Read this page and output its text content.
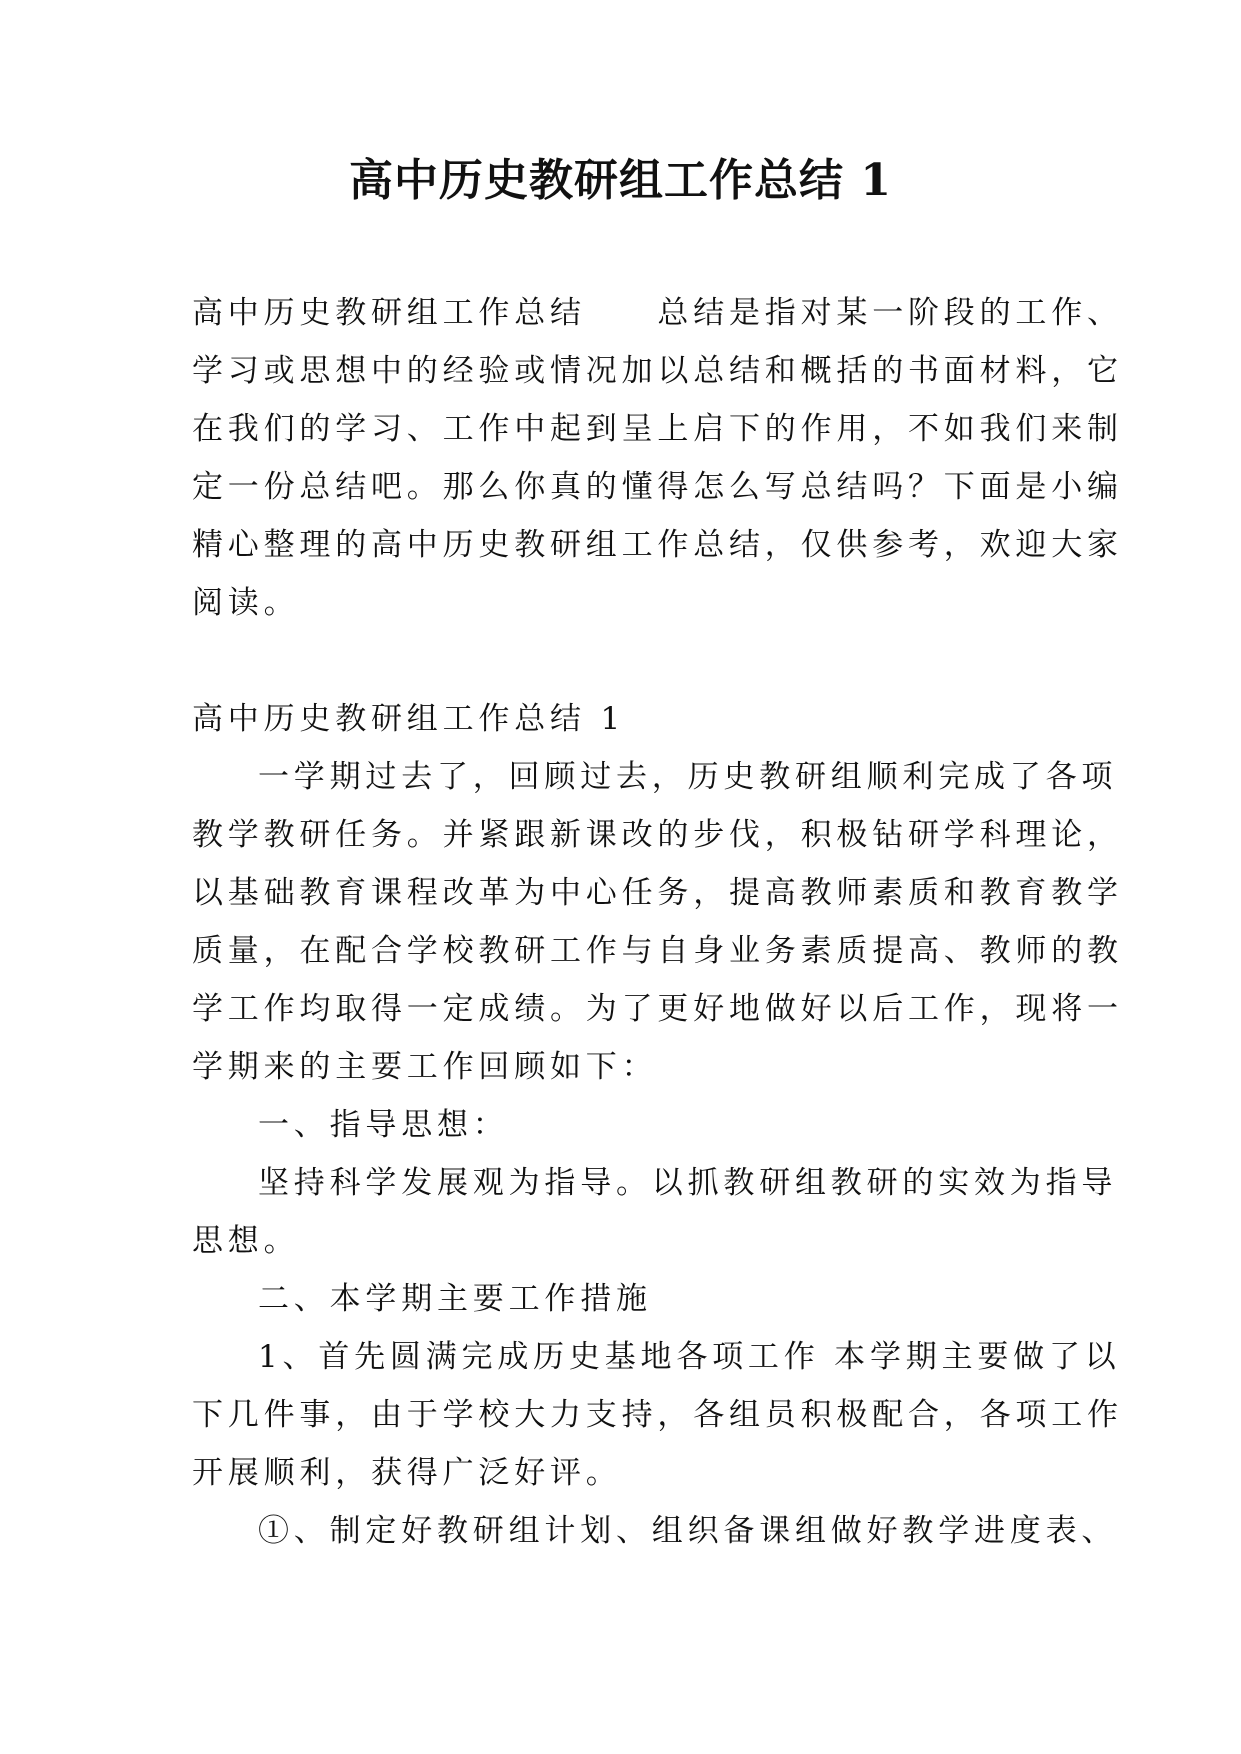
高中历史教研组工作总结 1
高中历史教研组工作总结　　总结是指对某一阶段的工作、
学习或思想中的经验或情况加以总结和概括的书面材料，它
在我们的学习、工作中起到呈上启下的作用，不如我们来制
定一份总结吧。那么你真的懂得怎么写总结吗？下面是小编
精心整理的高中历史教研组工作总结，仅供参考，欢迎大家
阅读。
高中历史教研组工作总结 1
一学期过去了，回顾过去，历史教研组顺利完成了各项
教学教研任务。并紧跟新课改的步伐，积极钻研学科理论，
以基础教育课程改革为中心任务，提高教师素质和教育教学
质量，在配合学校教研工作与自身业务素质提高、教师的教
学工作均取得一定成绩。为了更好地做好以后工作，现将一
学期来的主要工作回顾如下：
一、指导思想：
坚持科学发展观为指导。以抓教研组教研的实效为指导
思想。
二、本学期主要工作措施
1、首先圆满完成历史基地各项工作 本学期主要做了以
下几件事，由于学校大力支持，各组员积极配合，各项工作
开展顺利，获得广泛好评。
①、制定好教研组计划、组织备课组做好教学进度表、
